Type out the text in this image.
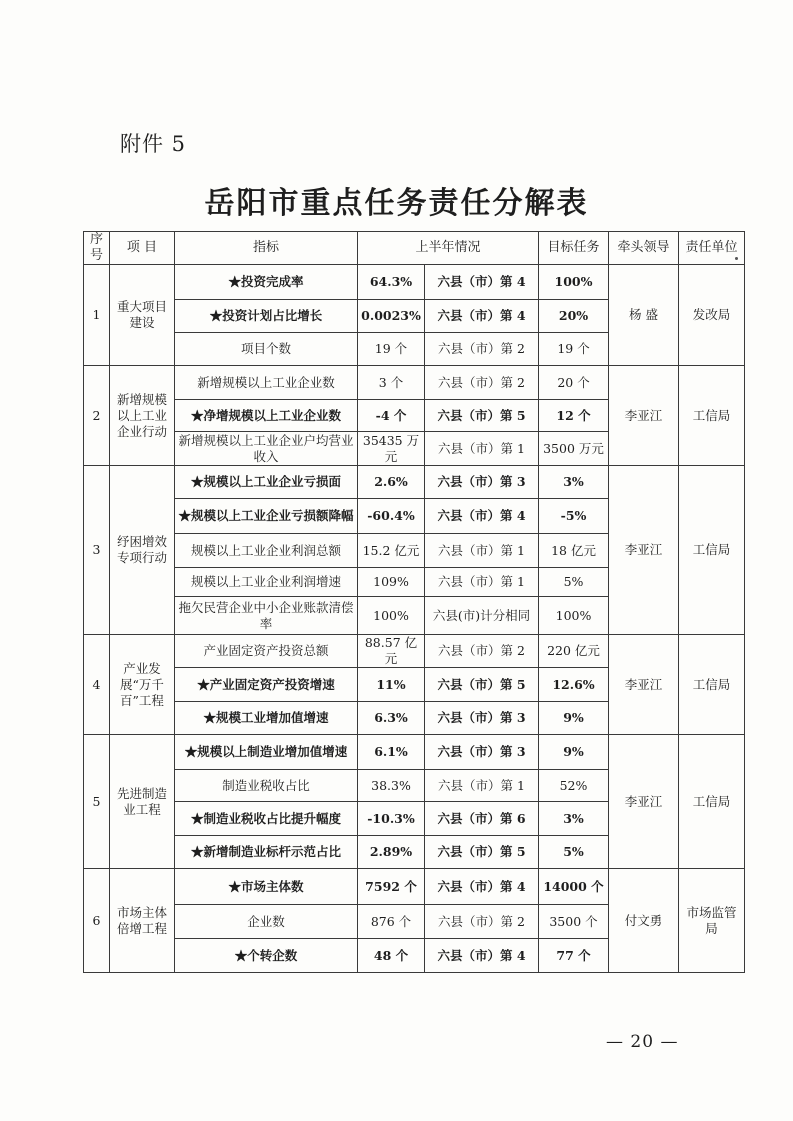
附件 5
岳阳市重点任务责任分解表
序号	项 目	指标	上半年情况		目标任务	牵头领导	责任单位
1	重大项目建设	★投资完成率	64.3%	六县（市）第 4	100%	杨 盛	发改局
		★投资计划占比增长	0.0023%	六县（市）第 4	20%		
		项目个数	19 个	六县（市）第 2	19 个		
2	新增规模以上工业企业行动	新增规模以上工业企业数	3 个	六县（市）第 2	20 个	李亚江	工信局
		★净增规模以上工业企业数	-4 个	六县（市）第 5	12 个		
		新增规模以上工业企业户均营业收入	35435 万元	六县（市）第 1	3500 万元		
3	纾困增效专项行动	★规模以上工业企业亏损面	2.6%	六县（市）第 3	3%	李亚江	工信局
		★规模以上工业企业亏损额降幅	-60.4%	六县（市）第 4	-5%		
		规模以上工业企业利润总额	15.2 亿元	六县（市）第 1	18 亿元		
		规模以上工业企业利润增速	109%	六县（市）第 1	5%		
		拖欠民营企业中小企业账款清偿率	100%	六县(市)计分相同	100%		
4	产业发展“万千百”工程	产业固定资产投资总额	88.57 亿元	六县（市）第 2	220 亿元	李亚江	工信局
		★产业固定资产投资增速	11%	六县（市）第 5	12.6%		
		★规模工业增加值增速	6.3%	六县（市）第 3	9%		
5	先进制造业工程	★规模以上制造业增加值增速	6.1%	六县（市）第 3	9%	李亚江	工信局
		制造业税收占比	38.3%	六县（市）第 1	52%		
		★制造业税收占比提升幅度	-10.3%	六县（市）第 6	3%		
		★新增制造业标杆示范占比	2.89%	六县（市）第 5	5%		
6	市场主体倍增工程	★市场主体数	7592 个	六县（市）第 4	14000 个	付文勇	市场监管局
		企业数	876 个	六县（市）第 2	3500 个		
		★个转企数	48 个	六县（市）第 4	77 个		
— 20 —
